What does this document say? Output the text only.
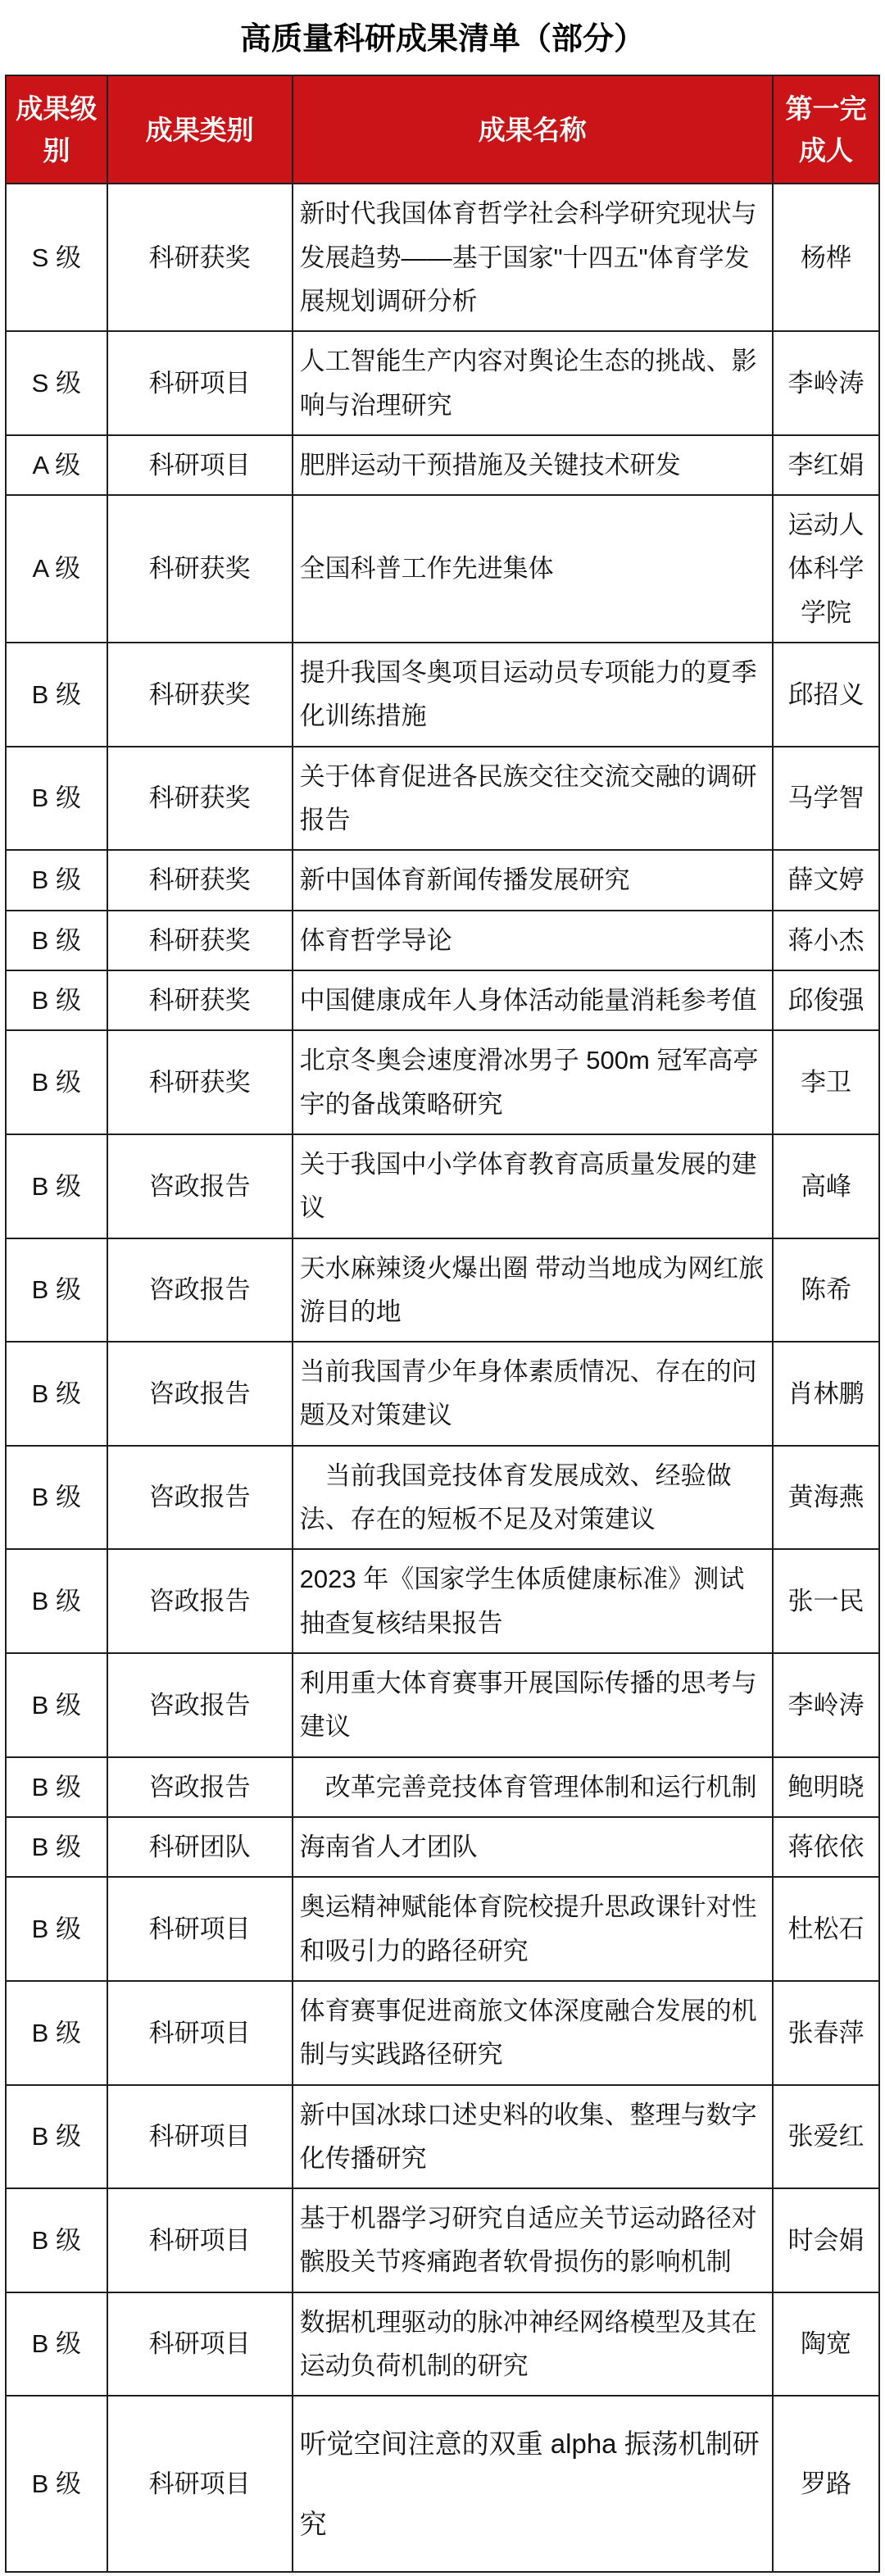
高质量科研成果清单（部分）
成果级别	成果类别	成果名称	第一完成人
S 级	科研获奖	新时代我国体育哲学社会科学研究现状与发展趋势——基于国家"十四五"体育学发展规划调研分析	杨桦
S 级	科研项目	人工智能生产内容对舆论生态的挑战、影响与治理研究	李岭涛
A 级	科研项目	肥胖运动干预措施及关键技术研发	李红娟
A 级	科研获奖	全国科普工作先进集体	运动人体科学学院
B 级	科研获奖	提升我国冬奥项目运动员专项能力的夏季化训练措施	邱招义
B 级	科研获奖	关于体育促进各民族交往交流交融的调研报告	马学智
B 级	科研获奖	新中国体育新闻传播发展研究	薛文婷
B 级	科研获奖	体育哲学导论	蒋小杰
B 级	科研获奖	中国健康成年人身体活动能量消耗参考值	邱俊强
B 级	科研获奖	北京冬奥会速度滑冰男子 500m 冠军高亭宇的备战策略研究	李卫
B 级	咨政报告	关于我国中小学体育教育高质量发展的建议	高峰
B 级	咨政报告	天水麻辣烫火爆出圈 带动当地成为网红旅游目的地	陈希
B 级	咨政报告	当前我国青少年身体素质情况、存在的问题及对策建议	肖林鹏
B 级	咨政报告	当前我国竞技体育发展成效、经验做法、存在的短板不足及对策建议	黄海燕
B 级	咨政报告	2023 年《国家学生体质健康标准》测试抽查复核结果报告	张一民
B 级	咨政报告	利用重大体育赛事开展国际传播的思考与建议	李岭涛
B 级	咨政报告	改革完善竞技体育管理体制和运行机制	鲍明晓
B 级	科研团队	海南省人才团队	蒋依依
B 级	科研项目	奥运精神赋能体育院校提升思政课针对性和吸引力的路径研究	杜松石
B 级	科研项目	体育赛事促进商旅文体深度融合发展的机制与实践路径研究	张春萍
B 级	科研项目	新中国冰球口述史料的收集、整理与数字化传播研究	张爱红
B 级	科研项目	基于机器学习研究自适应关节运动路径对髌股关节疼痛跑者软骨损伤的影响机制	时会娟
B 级	科研项目	数据机理驱动的脉冲神经网络模型及其在运动负荷机制的研究	陶宽
B 级	科研项目	听觉空间注意的双重 alpha 振荡机制研究	罗路
